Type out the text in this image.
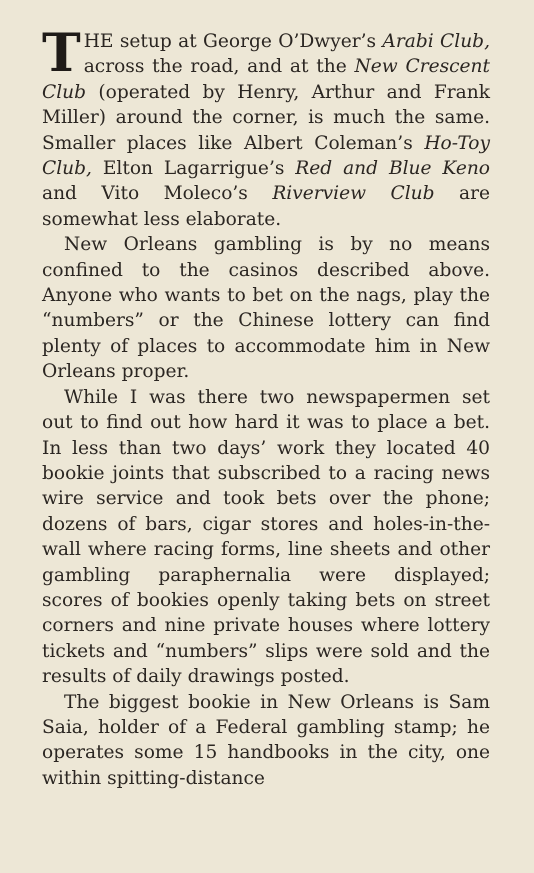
THE setup at George O’Dwyer’s Arabi Club, across the road, and at the New Crescent Club (operated by Henry, Arthur and Frank Miller) around the corner, is much the same. Smaller places like Albert Coleman’s Ho-Toy Club, Elton Lagarrigue’s Red and Blue Keno and Vito Moleco’s Riverview Club are somewhat less elaborate.

New Orleans gambling is by no means confined to the casinos described above. Anyone who wants to bet on the nags, play the “numbers” or the Chinese lottery can find plenty of places to accommodate him in New Orleans proper.

While I was there two newspapermen set out to find out how hard it was to place a bet. In less than two days’ work they located 40 bookie joints that subscribed to a racing news wire service and took bets over the phone; dozens of bars, cigar stores and holes-in-the-wall where racing forms, line sheets and other gambling paraphernalia were displayed; scores of bookies openly taking bets on street corners and nine private houses where lottery tickets and “numbers” slips were sold and the results of daily drawings posted.

The biggest bookie in New Orleans is Sam Saia, holder of a Federal gambling stamp; he operates some 15 handbooks in the city, one within spitting-distance
